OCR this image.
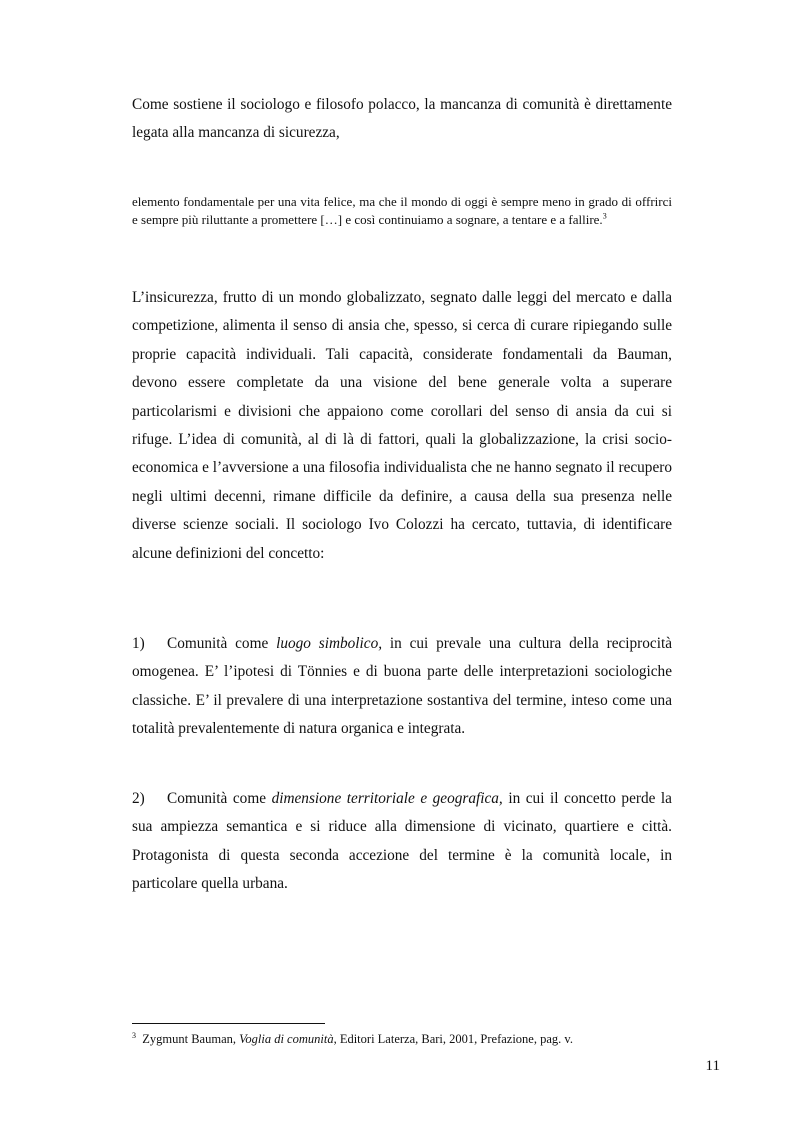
Come sostiene il sociologo e filosofo polacco, la mancanza di comunità è direttamente legata alla mancanza di sicurezza,

elemento fondamentale per una vita felice, ma che il mondo di oggi è sempre meno in grado di offrirci e sempre più riluttante a promettere […] e così continuiamo a sognare, a tentare e a fallire.$^3$

L’insicurezza, frutto di un mondo globalizzato, segnato dalle leggi del mercato e dalla competizione, alimenta il senso di ansia che, spesso, si cerca di curare ripiegando sulle proprie capacità individuali. Tali capacità, considerate fondamentali da Bauman, devono essere completate da una visione del bene generale volta a superare particolarismi e divisioni che appaiono come corollari del senso di ansia da cui si rifuge. L’idea di comunità, al di là di fattori, quali la globalizzazione, la crisi socio-economica e l’avversione a una filosofia individualista che ne hanno segnato il recupero negli ultimi decenni, rimane difficile da definire, a causa della sua presenza nelle diverse scienze sociali. Il sociologo Ivo Colozzi ha cercato, tuttavia, di identificare alcune definizioni del concetto:

1) Comunità come luogo simbolico, in cui prevale una cultura della reciprocità omogenea. E’ l’ipotesi di Tönnies e di buona parte delle interpretazioni sociologiche classiche. E’ il prevalere di una interpretazione sostantiva del termine, inteso come una totalità prevalentemente di natura organica e integrata.

2) Comunità come dimensione territoriale e geografica, in cui il concetto perde la sua ampiezza semantica e si riduce alla dimensione di vicinato, quartiere e città. Protagonista di questa seconda accezione del termine è la comunità locale, in particolare quella urbana.

$^3$ Zygmunt Bauman, Voglia di comunità, Editori Laterza, Bari, 2001, Prefazione, pag. v.

11
